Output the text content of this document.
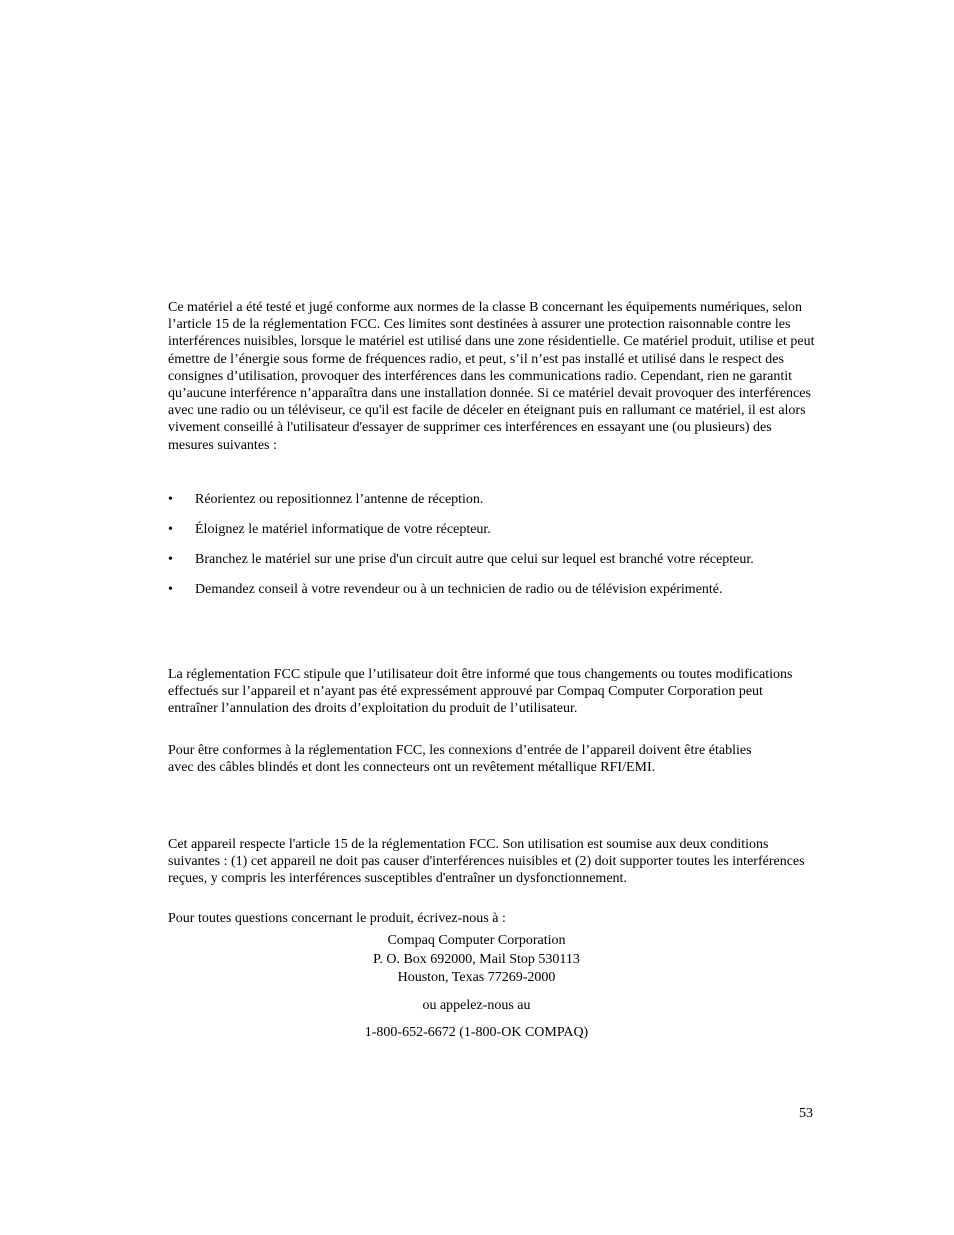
Ce matériel a été testé et jugé conforme aux normes de la classe B concernant les équipements numériques, selon l’article 15 de la réglementation FCC. Ces limites sont destinées à assurer une protection raisonnable contre les interférences nuisibles, lorsque le matériel est utilisé dans une zone résidentielle. Ce matériel produit, utilise et peut émettre de l’énergie sous forme de fréquences radio, et peut, s’il n’est pas installé et utilisé dans le respect des consignes d’utilisation, provoquer des interférences dans les communications radio. Cependant, rien ne garantit qu’aucune interférence n’apparaîtra dans une installation donnée. Si ce matériel devait provoquer des interférences avec une radio ou un téléviseur, ce qu'il est facile de déceler en éteignant puis en rallumant ce matériel, il est alors vivement conseillé à l'utilisateur d'essayer de supprimer ces interférences en essayant une (ou plusieurs) des mesures suivantes :

•	Réorientez ou repositionnez l’antenne de réception.
•	Éloignez le matériel informatique de votre récepteur.
•	Branchez le matériel sur une prise d'un circuit autre que celui sur lequel est branché votre récepteur.
•	Demandez conseil à votre revendeur ou à un technicien de radio ou de télévision expérimenté.

La réglementation FCC stipule que l’utilisateur doit être informé que tous changements ou toutes modifications effectués sur l’appareil et n’ayant pas été expressément approuvé par Compaq Computer Corporation peut entraîner l’annulation des droits d’exploitation du produit de l’utilisateur.

Pour être conformes à la réglementation FCC, les connexions d’entrée de l’appareil doivent être établies avec des câbles blindés et dont les connecteurs ont un revêtement métallique RFI/EMI.

Cet appareil respecte l'article 15 de la réglementation FCC. Son utilisation est soumise aux deux conditions suivantes : (1) cet appareil ne doit pas causer d'interférences nuisibles et (2) doit supporter toutes les interférences reçues, y compris les interférences susceptibles d'entraîner un dysfonctionnement.

Pour toutes questions concernant le produit, écrivez-nous à :

Compaq Computer Corporation
P. O. Box 692000, Mail Stop 530113
Houston, Texas 77269-2000
ou appelez-nous au
1-800-652-6672 (1-800-OK COMPAQ)
53
